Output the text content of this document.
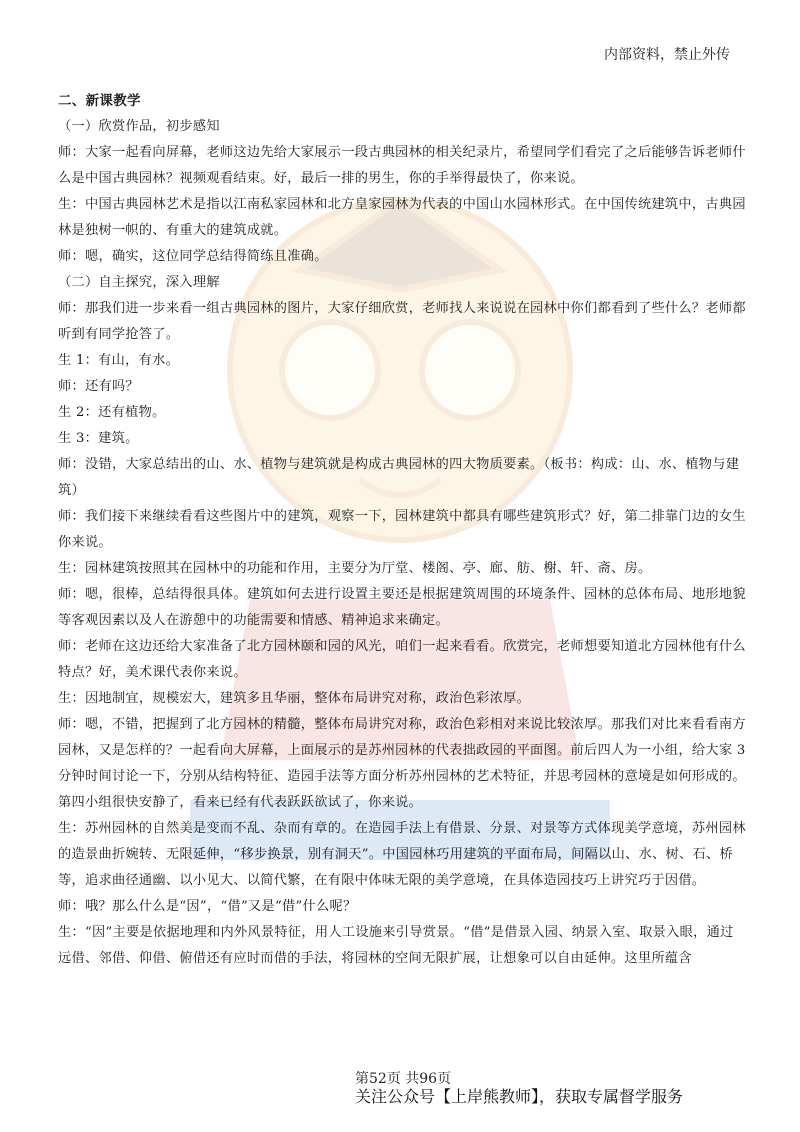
内部资料，禁止外传

二、新课教学

（一）欣赏作品，初步感知

师：大家一起看向屏幕，老师这边先给大家展示一段古典园林的相关纪录片，希望同学们看完了之后能够告诉老师什么是中国古典园林？视频观看结束。好，最后一排的男生，你的手举得最快了，你来说。

生：中国古典园林艺术是指以江南私家园林和北方皇家园林为代表的中国山水园林形式。在中国传统建筑中，古典园林是独树一帜的、有重大的建筑成就。

师：嗯，确实，这位同学总结得简练且准确。

（二）自主探究，深入理解

师：那我们进一步来看一组古典园林的图片，大家仔细欣赏，老师找人来说说在园林中你们都看到了些什么？老师都听到有同学抢答了。

生 1：有山，有水。

师：还有吗？

生 2：还有植物。

生 3：建筑。

师：没错，大家总结出的山、水、植物与建筑就是构成古典园林的四大物质要素。（板书：构成：山、水、植物与建筑）

师：我们接下来继续看看这些图片中的建筑，观察一下，园林建筑中都具有哪些建筑形式？好，第二排靠门边的女生你来说。

生：园林建筑按照其在园林中的功能和作用，主要分为厅堂、楼阁、亭、廊、舫、榭、轩、斋、房。

师：嗯，很棒，总结得很具体。建筑如何去进行设置主要还是根据建筑周围的环境条件、园林的总体布局、地形地貌等客观因素以及人在游憩中的功能需要和情感、精神追求来确定。

师：老师在这边还给大家准备了北方园林颐和园的风光，咱们一起来看看。欣赏完，老师想要知道北方园林他有什么特点？好，美术课代表你来说。

生：因地制宜，规模宏大，建筑多且华丽，整体布局讲究对称，政治色彩浓厚。

师：嗯，不错，把握到了北方园林的精髓，整体布局讲究对称，政治色彩相对来说比较浓厚。那我们对比来看看南方园林，又是怎样的？一起看向大屏幕，上面展示的是苏州园林的代表拙政园的平面图。前后四人为一小组，给大家 3 分钟时间讨论一下，分别从结构特征、造园手法等方面分析苏州园林的艺术特征，并思考园林的意境是如何形成的。第四小组很快安静了，看来已经有代表跃跃欲试了，你来说。

生：苏州园林的自然美是变而不乱、杂而有章的。在造园手法上有借景、分景、对景等方式体现美学意境，苏州园林的造景曲折婉转、无限延伸，“移步换景，别有洞天”。中国园林巧用建筑的平面布局，间隔以山、水、树、石、桥等，追求曲径通幽、以小见大、以简代繁，在有限中体味无限的美学意境，在具体造园技巧上讲究巧于因借。

师：哦？那么什么是“因”，“借”又是“借”什么呢？

生：“因”主要是依据地理和内外风景特征，用人工设施来引导赏景。“借”是借景入园、纳景入室、取景入眼，通过远借、邻借、仰借、俯借还有应时而借的手法，将园林的空间无限扩展，让想象可以自由延伸。这里所蕴含

第52页 共96页
关注公众号【上岸熊教师】，获取专属督学服务
